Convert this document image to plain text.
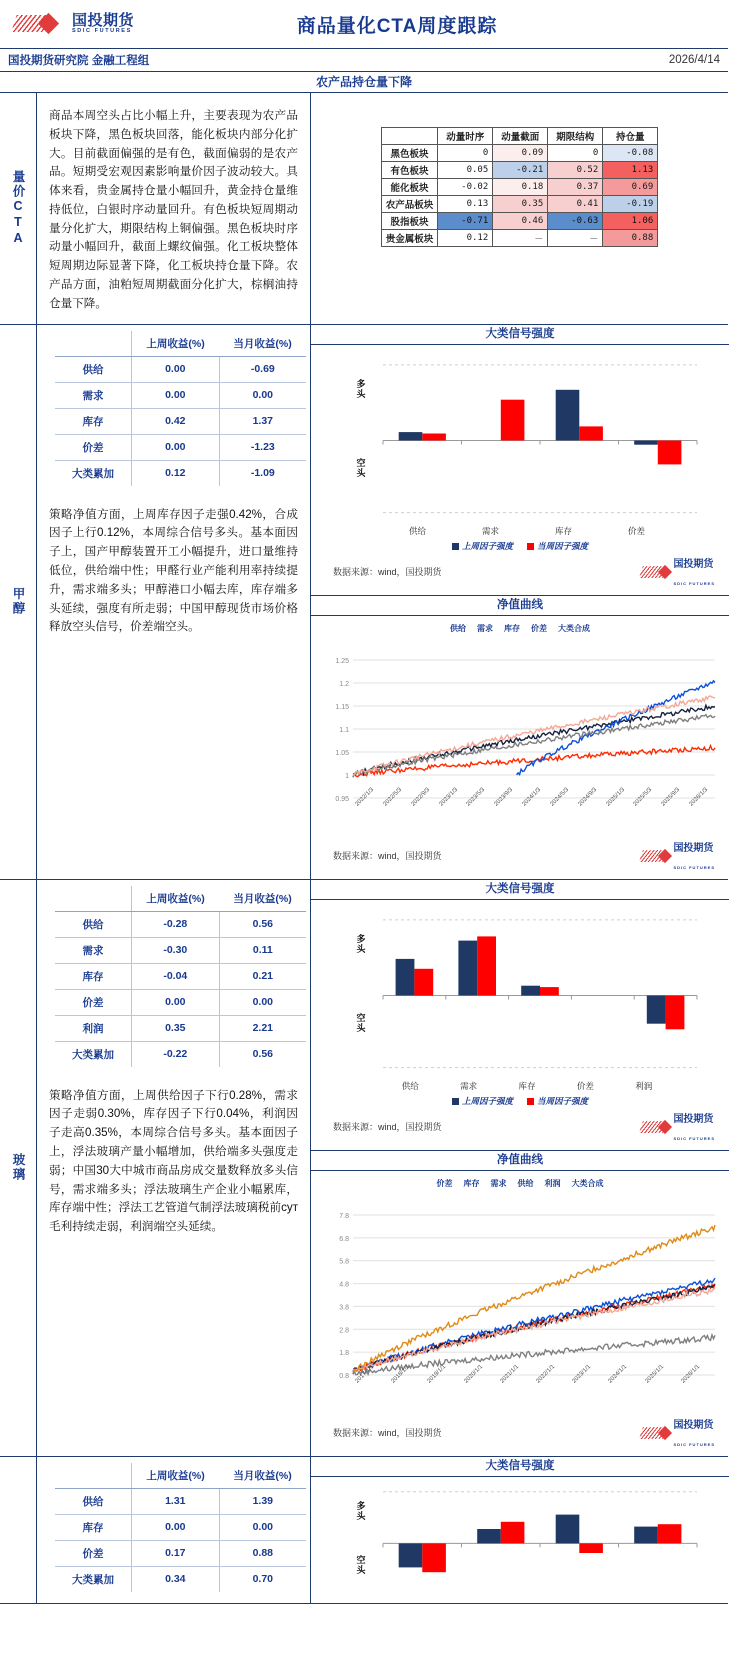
国投期货
SDIC FUTURES	商品量化CTA周度跟踪
国投期货研究院 金融工程组	2026/4/14
农产品持仓量下降
量价CTA
商品本周空头占比小幅上升，主要表现为农产品板块下降，黑色板块回落，能化板块内部分化扩大。目前截面偏强的是有色，截面偏弱的是农产品。短期受宏观因素影响量价因子波动较大。具体来看，贵金属持仓量小幅回升，黄金持仓量维持低位，白银时序动量回升。有色板块短周期动量分化扩大，期限结构上铜偏强。黑色板块时序动量小幅回升，截面上螺纹偏强。化工板块整体短周期边际显著下降，化工板块持仓量下降。农产品方面，油粕短周期截面分化扩大，棕榈油持仓量下降。
	动量时序	动量截面	期限结构	持仓量
黑色板块	0	0.09	0	-0.08
有色板块	0.05	-0.21	0.52	1.13
能化板块	-0.02	0.18	0.37	0.69
农产品板块	0.13	0.35	0.41	-0.19
股指板块	-0.71	0.46	-0.63	1.06
贵金属板块	0.12	－	－	0.88
甲醇
	上周收益(%)	当月收益(%)
供给	0.00	-0.69
需求	0.00	0.00
库存	0.42	1.37
价差	0.00	-1.23
大类累加	0.12	-1.09
策略净值方面，上周库存因子走强0.42%，合成因子上行0.12%，本周综合信号多头。基本面因子上，国产甲醇装置开工小幅提升，进口量维持低位，供给端中性；甲醛行业产能利用率持续提升，需求端多头；甲醇港口小幅去库，库存端多头延续，强度有所走弱；中国甲醇现货市场价格释放空头信号，价差端空头。
大类信号强度
多
头
空
头
供给	需求	库存	价差
上周因子强度	当周因子强度
数据来源：wind，国投期货
国投期货
SDIC FUTURES
净值曲线
供给 需求 库存 价差 大类合成
1.25
1.2
1.15
1.1
1.05
1
0.95 2022/1/3	2022/5/3	2022/9/3	2023/1/3	2023/5/3	2023/9/3	2024/1/3	2024/5/3	2024/9/3	2025/1/3	2025/5/3	2025/9/3	2026/1/3
数据来源：wind，国投期货
国投期货
SDIC FUTURES
玻璃
	上周收益(%)	当月收益(%)
供给	-0.28	0.56
需求	-0.30	0.11
库存	-0.04	0.21
价差	0.00	0.00
利润	0.35	2.21
大类累加	-0.22	0.56
策略净值方面，上周供给因子下行0.28%，需求因子走弱0.30%，库存因子下行0.04%，利润因子走高0.35%，本周综合信号多头。基本面因子上，浮法玻璃产量小幅增加，供给端多头强度走弱；中国30大中城市商品房成交量数释放多头信号，需求端多头；浮法玻璃生产企业小幅累库，库存端中性；浮法工艺管道气制浮法玻璃税前сут毛利持续走弱，利润端空头延续。
大类信号强度
多
头
空
头
供给	需求	库存	价差	利润
上周因子强度	当周因子强度
数据来源：wind，国投期货
国投期货
SDIC FUTURES
净值曲线
价差 库存 需求 供给 利润 大类合成
7.8
6.8
5.8
4.8
3.8
2.8
1.8
0.8 2017/1/1	2018/1/1	2019/1/1	2020/1/1	2021/1/1	2022/1/1	2023/1/1	2024/1/1	2025/1/1	2026/1/1
数据来源：wind，国投期货
国投期货
SDIC FUTURES
	上周收益(%)	当月收益(%)
供给	1.31	1.39
库存	0.00	0.00
价差	0.17	0.88
大类累加	0.34	0.70
大类信号强度
多
头
空
头
